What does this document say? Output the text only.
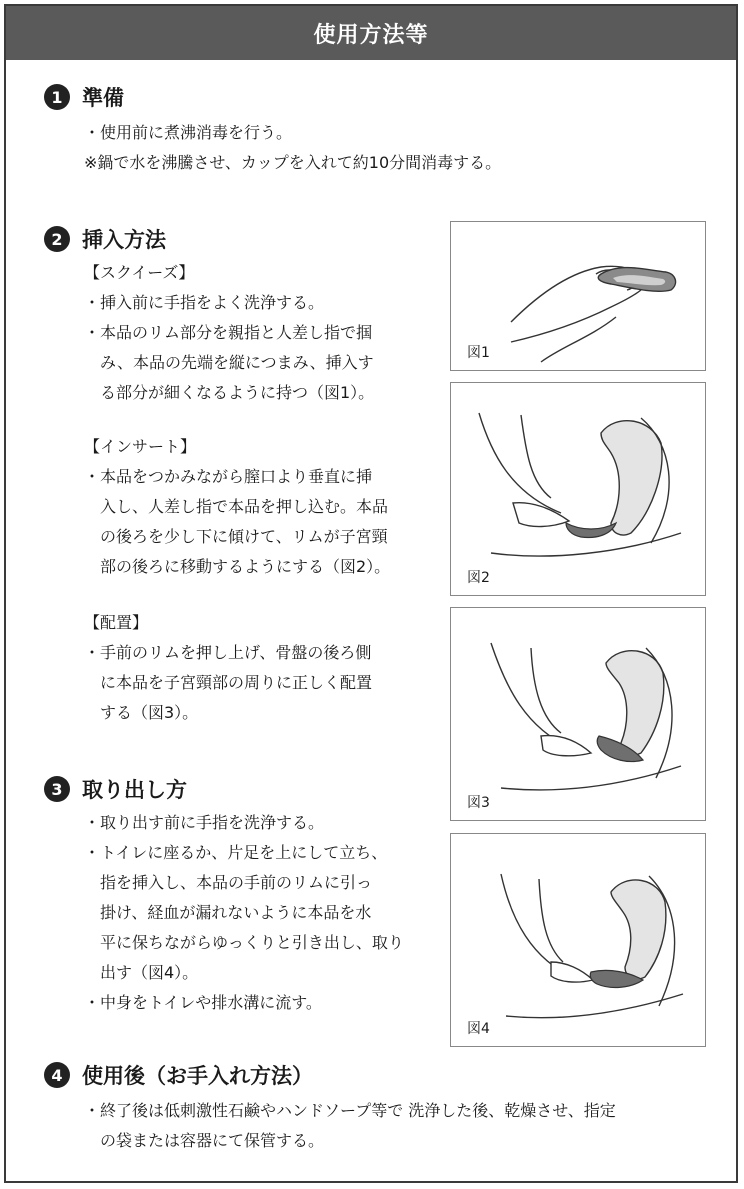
使用方法等
1 準備
・使用前に煮沸消毒を行う。
※鍋で水を沸騰させ、カップを入れて約10分間消毒する。
2 挿入方法
【スクイーズ】
・挿入前に手指をよく洗浄する。
・本品のリム部分を親指と人差し指で掴
　み、本品の先端を縦につまみ、挿入す
　る部分が細くなるように持つ（図1）。
【インサート】
・本品をつかみながら膣口より垂直に挿
　入し、人差し指で本品を押し込む。本品
　の後ろを少し下に傾けて、リムが子宮頸
　部の後ろに移動するようにする（図2）。
【配置】
・手前のリムを押し上げ、骨盤の後ろ側
　に本品を子宮頸部の周りに正しく配置
　する（図3）。
3 取り出し方
・取り出す前に手指を洗浄する。
・トイレに座るか、片足を上にして立ち、
　指を挿入し、本品の手前のリムに引っ
　掛け、経血が漏れないように本品を水
　平に保ちながらゆっくりと引き出し、取り
　出す（図4）。
・中身をトイレや排水溝に流す。
4 使用後（お手入れ方法）
・終了後は低刺激性石鹸やハンドソープ等で 洗浄した後、乾燥させ、指定
　の袋または容器にて保管する。
図1
図2
図3
図4
